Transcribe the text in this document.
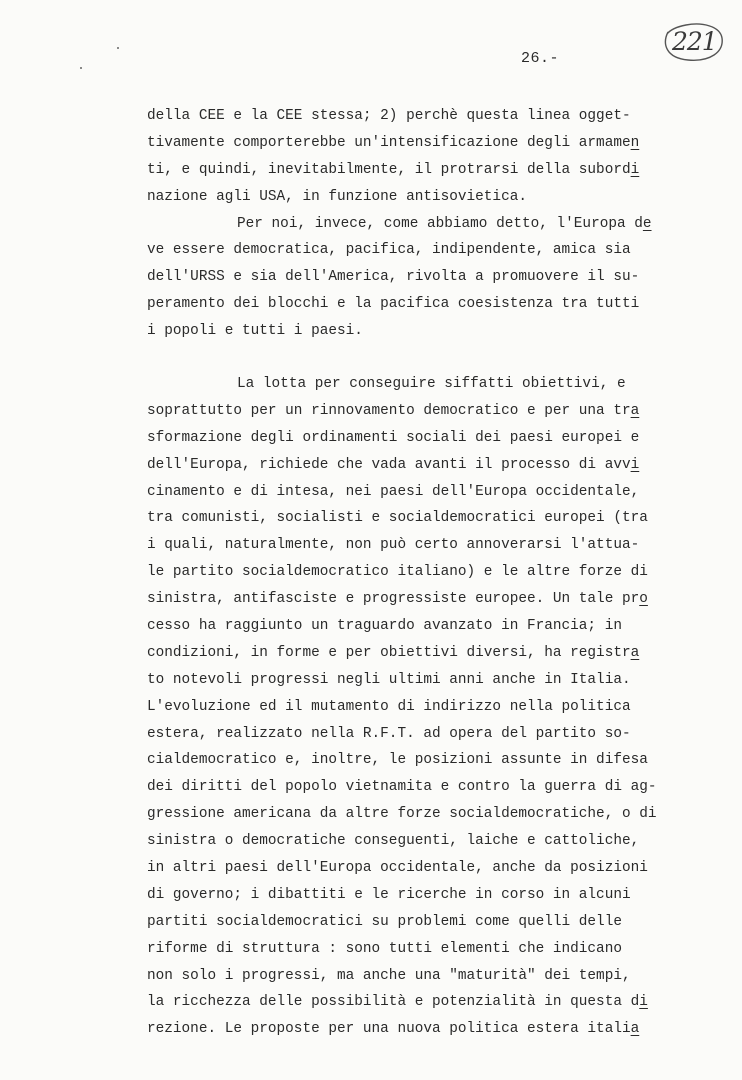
26.-
221
della CEE e la CEE stessa; 2) perchè questa linea ogget-
tivamente comporterebbe un'intensificazione degli armamen
ti, e quindi, inevitabilmente, il protrarsi della subordi
nazione agli USA, in funzione antisovietica.
Per noi, invece, come abbiamo detto, l'Europa de
ve essere democratica, pacifica, indipendente, amica sia
dell'URSS e sia dell'America, rivolta a promuovere il su-
peramento dei blocchi e la pacifica coesistenza tra tutti
i popoli e tutti i paesi.
La lotta per conseguire siffatti obiettivi, e
soprattutto per un rinnovamento democratico e per una tra
sformazione degli ordinamenti sociali dei paesi europei e
dell'Europa, richiede che vada avanti il processo di avvi
cinamento e di intesa, nei paesi dell'Europa occidentale,
tra comunisti, socialisti e socialdemocratici europei (tra
i quali, naturalmente, non può certo annoverarsi l'attua-
le partito socialdemocratico italiano) e le altre forze di
sinistra, antifasciste e progressiste europee. Un tale pro
cesso ha raggiunto un traguardo avanzato in Francia; in
condizioni, in forme e per obiettivi diversi, ha registra
to notevoli progressi negli ultimi anni anche in Italia.
L'evoluzione ed il mutamento di indirizzo nella politica
estera, realizzato nella R.F.T. ad opera del partito so-
cialdemocratico e, inoltre, le posizioni assunte in difesa
dei diritti del popolo vietnamita e contro la guerra di ag-
gressione americana da altre forze socialdemocratiche, o di
sinistra o democratiche conseguenti, laiche e cattoliche,
in altri paesi dell'Europa occidentale, anche da posizioni
di governo; i dibattiti e le ricerche in corso in alcuni
partiti socialdemocratici su problemi come quelli delle
riforme di struttura : sono tutti elementi che indicano
non solo i progressi, ma anche una "maturità" dei tempi,
la ricchezza delle possibilità e potenzialità in questa di
rezione. Le proposte per una nuova politica estera italia
